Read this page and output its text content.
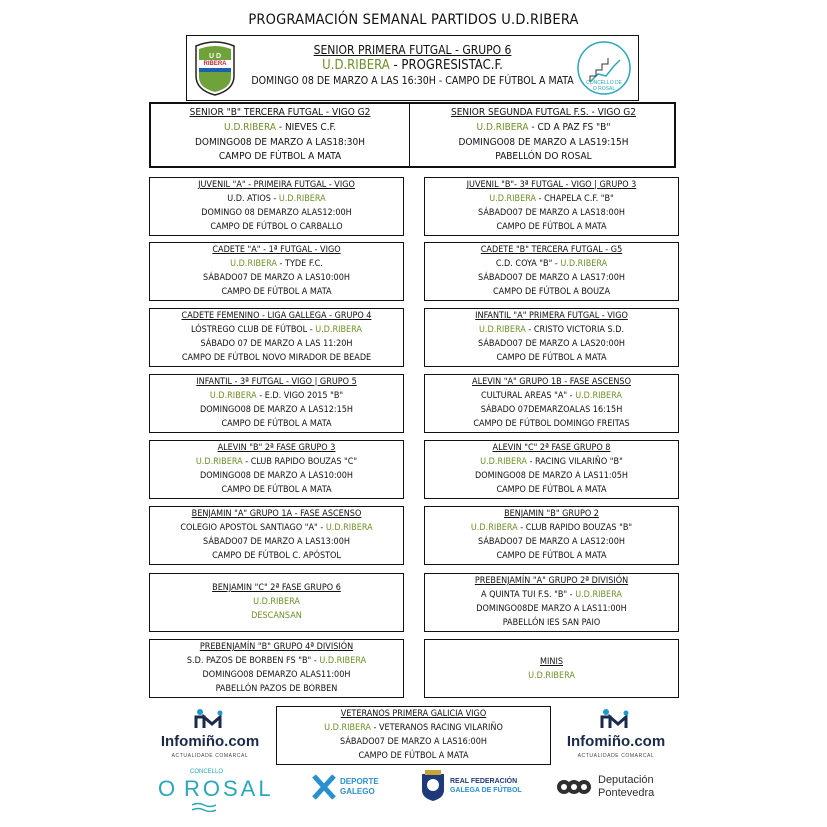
PROGRAMACIÓN SEMANAL PARTIDOS U.D.RIBERA
U D
RIBERA
CONCELLO DE
O ROSAL
SENIOR PRIMERA FUTGAL - GRUPO 6
U.D.RIBERA - PROGRESISTAC.F.
DOMINGO 08 DE MARZO A LAS 16:30H - CAMPO DE FÚTBOL A MATA
SENIOR "B" TERCERA FUTGAL - VIGO G2
U.D.RIBERA - NIEVES C.F.
DOMINGO08 DE MARZO A LAS18:30H
CAMPO DE FÚTBOL A MATA
SENIOR SEGUNDA FUTGAL F.S. - VIGO G2
U.D.RIBERA - CD A PAZ FS "B"
DOMINGO08 DE MARZO A LAS19:15H
PABELLÓN DO ROSAL
JUVENIL "A" - PRIMEIRA FUTGAL - VIGO
U.D. ATIOS - U.D.RIBERA
DOMINGO 08 DEMARZO ALAS12:00H
CAMPO DE FÚTBOL O CARBALLO
JUVENIL "B"- 3ª FUTGAL - VIGO | GRUPO 3
U.D.RIBERA - CHAPELA C.F. "B"
SÁBADO07 DE MARZO A LAS18:00H
CAMPO DE FÚTBOL A MATA
CADETE "A" - 1ª FUTGAL - VIGO
U.D.RIBERA - TYDE F.C.
SÁBADO07 DE MARZO A LAS10:00H
CAMPO DE FÚTBOL A MATA
CADETE "B" TERCERA FUTGAL - G5
C.D. COYA "B" - U.D.RIBERA
SÁBADO07 DE MARZO A LAS17:00H
CAMPO DE FÚTBOL A BOUZA
CADETE FEMENINO - LIGA GALLEGA - GRUPO 4
LÓSTREGO CLUB DE FÚTBOL - U.D.RIBERA
SÁBADO 07 DE MARZO A LAS 11:20H
CAMPO DE FÚTBOL NOVO MIRADOR DE BEADE
INFANTIL "A" PRIMERA FUTGAL - VIGO
U.D.RIBERA - CRISTO VICTORIA S.D.
SÁBADO07 DE MARZO A LAS20:00H
CAMPO DE FÚTBOL A MATA
INFANTIL - 3ª FUTGAL - VIGO | GRUPO 5
U.D.RIBERA - E.D. VIGO 2015 "B"
DOMINGO08 DE MARZO A LAS12:15H
CAMPO DE FÚTBOL A MATA
ALEVIN "A" GRUPO 1B - FASE ASCENSO
CULTURAL AREAS "A" - U.D.RIBERA
SÁBADO 07DEMARZOALAS 16:15H
CAMPO DE FÚTBOL DOMINGO FREITAS
ALEVIN "B" 2ª FASE GRUPO 3
U.D.RIBERA - CLUB RAPIDO BOUZAS "C"
DOMINGO08 DE MARZO A LAS10:00H
CAMPO DE FÚTBOL A MATA
ALEVIN "C" 2ª FASE GRUPO 8
U.D.RIBERA - RACING VILARIÑO "B"
DOMINGO08 DE MARZO A LAS11:05H
CAMPO DE FÚTBOL A MATA
BENJAMIN "A" GRUPO 1A - FASE ASCENSO
COLEGIO APOSTOL SANTIAGO "A" - U.D.RIBERA
SÁBADO07 DE MARZO A LAS13:00H
CAMPO DE FÚTBOL C. APÓSTOL
BENJAMIN "B" GRUPO 2
U.D.RIBERA - CLUB RAPIDO BOUZAS "B"
SÁBADO07 DE MARZO A LAS12:00H
CAMPO DE FÚTBOL A MATA
BENJAMIN "C" 2ª FASE GRUPO 6
U.D.RIBERA
DESCANSAN
PREBENJAMÍN "A" GRUPO 2ª DIVISIÓN
A QUINTA TUI F.S. "B" - U.D.RIBERA
DOMINGO08DE MARZO A LAS11:00H
PABELLÓN IES SAN PAIO
PREBENJAMÍN "B" GRUPO 4ª DIVISIÓN
S.D. PAZOS DE BORBEN FS "B" - U.D.RIBERA
DOMINGO08 DEMARZO ALAS11:00H
PABELLÓN PAZOS DE BORBEN
MINIS
U.D.RIBERA
VETERANOS PRIMERA GALICIA VIGO
U.D.RIBERA - VETERANOS RACING VILARIÑO
SÁBADO07 DE MARZO A LAS16:00H
CAMPO DE FÚTBOL A MATA
Infomiño.com
ACTUALIDADE COMARCAL
Infomiño.com
ACTUALIDADE COMARCAL
CONCELLO
O ROSAL	DEPORTE
GALEGO
REAL FEDERACIÓN
GALEGA DE FÚTBOL
Deputación
Pontevedra
